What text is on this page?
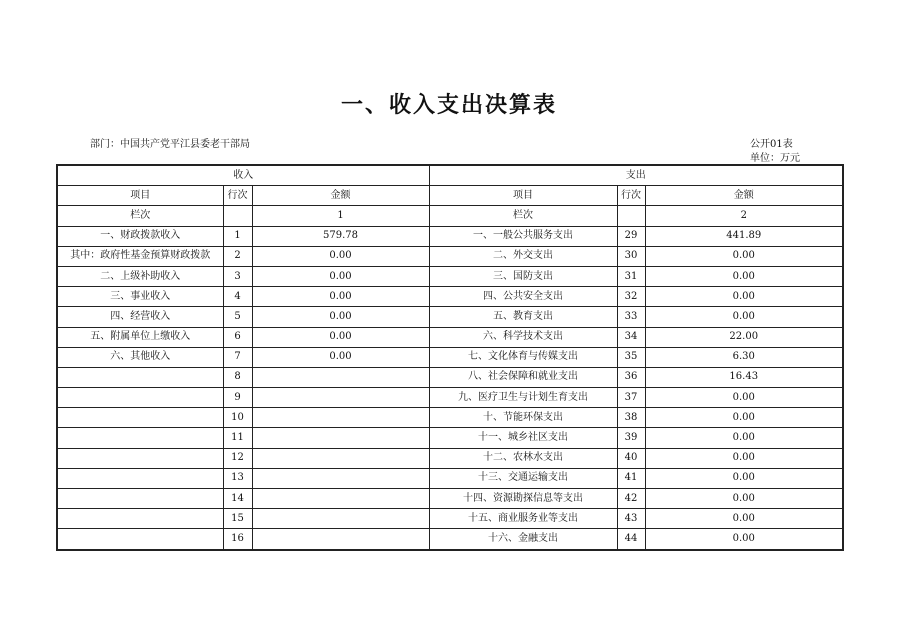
一、收入支出决算表
部门：中国共产党平江县委老干部局	公开01表
单位：万元
收入			支出		
项目	行次	金额	项目	行次	金额
栏次		1	栏次		2
一、财政拨款收入	1	579.78	一、一般公共服务支出	29	441.89
其中：政府性基金预算财政拨款	2	0.00	二、外交支出	30	0.00
二、上级补助收入	3	0.00	三、国防支出	31	0.00
三、事业收入	4	0.00	四、公共安全支出	32	0.00
四、经营收入	5	0.00	五、教育支出	33	0.00
五、附属单位上缴收入	6	0.00	六、科学技术支出	34	22.00
六、其他收入	7	0.00	七、文化体育与传媒支出	35	6.30
	8		八、社会保障和就业支出	36	16.43
	9		九、医疗卫生与计划生育支出	37	0.00
	10		十、节能环保支出	38	0.00
	11		十一、城乡社区支出	39	0.00
	12		十二、农林水支出	40	0.00
	13		十三、交通运输支出	41	0.00
	14		十四、资源勘探信息等支出	42	0.00
	15		十五、商业服务业等支出	43	0.00
	16		十六、金融支出	44	0.00
